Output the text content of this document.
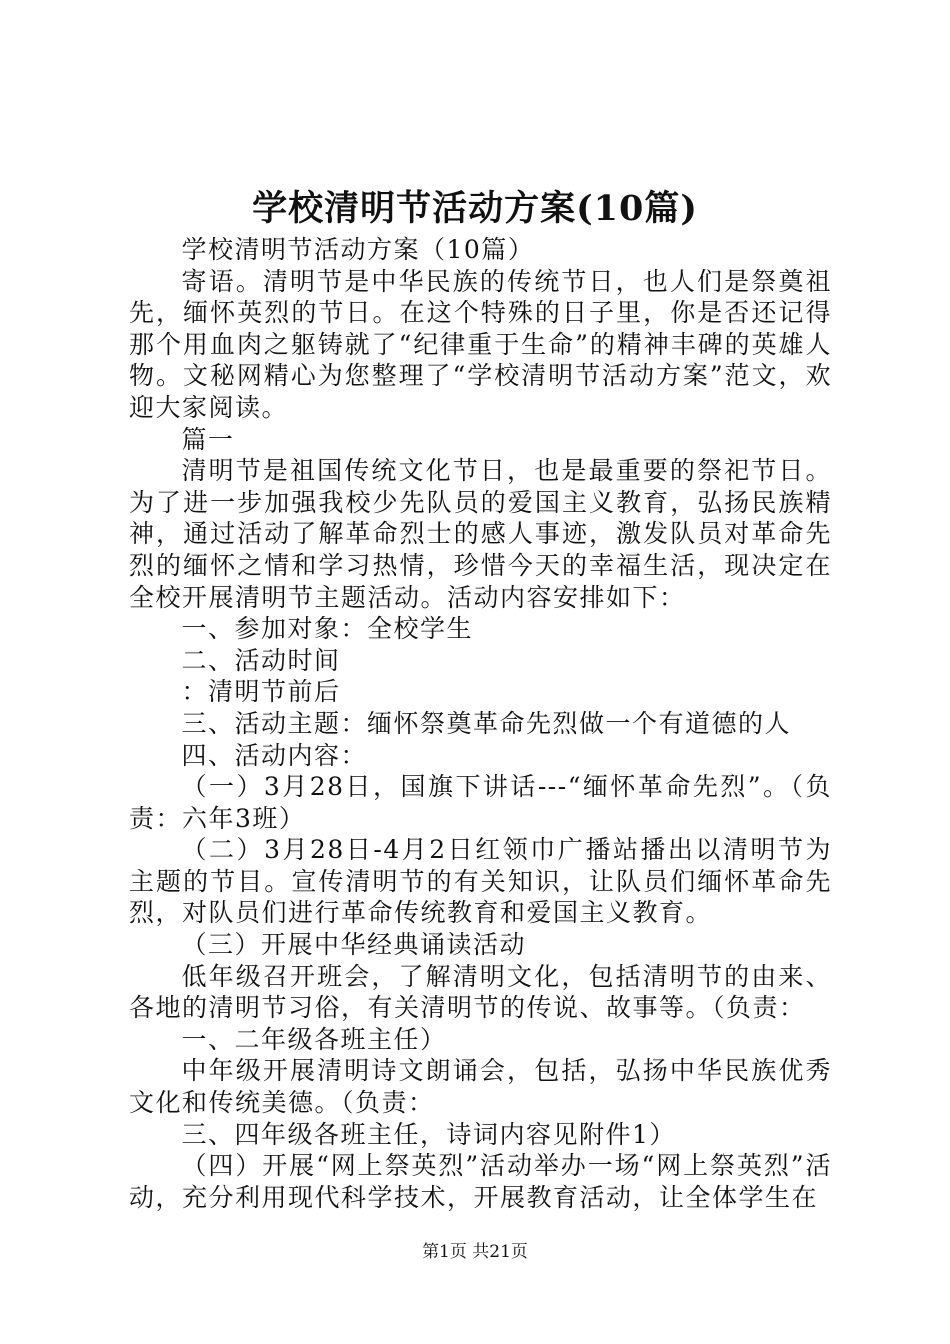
学校清明节活动方案(10篇)

学校清明节活动方案（10篇）

寄语。清明节是中华民族的传统节日，也人们是祭奠祖先，缅怀英烈的节日。在这个特殊的日子里，你是否还记得那个用血肉之躯铸就了“纪律重于生命”的精神丰碑的英雄人物。文秘网精心为您整理了“学校清明节活动方案”范文，欢迎大家阅读。

篇一

清明节是祖国传统文化节日，也是最重要的祭祀节日。为了进一步加强我校少先队员的爱国主义教育，弘扬民族精神，通过活动了解革命烈士的感人事迹，激发队员对革命先烈的缅怀之情和学习热情，珍惜今天的幸福生活，现决定在全校开展清明节主题活动。活动内容安排如下：

一、参加对象：全校学生

二、活动时间

：清明节前后

三、活动主题：缅怀祭奠革命先烈做一个有道德的人

四、活动内容：

（一）3月28日，国旗下讲话---“缅怀革命先烈”。（负责：六年3班）

（二）3月28日-4月2日红领巾广播站播出以清明节为主题的节目。宣传清明节的有关知识，让队员们缅怀革命先烈，对队员们进行革命传统教育和爱国主义教育。

（三）开展中华经典诵读活动

低年级召开班会，了解清明文化，包括清明节的由来、各地的清明节习俗，有关清明节的传说、故事等。（负责：

一、二年级各班主任）

中年级开展清明诗文朗诵会，包括，弘扬中华民族优秀文化和传统美德。（负责：

三、四年级各班主任，诗词内容见附件1）

（四）开展“网上祭英烈”活动举办一场“网上祭英烈”活动，充分利用现代科学技术，开展教育活动，让全体学生在

第1页 共21页
